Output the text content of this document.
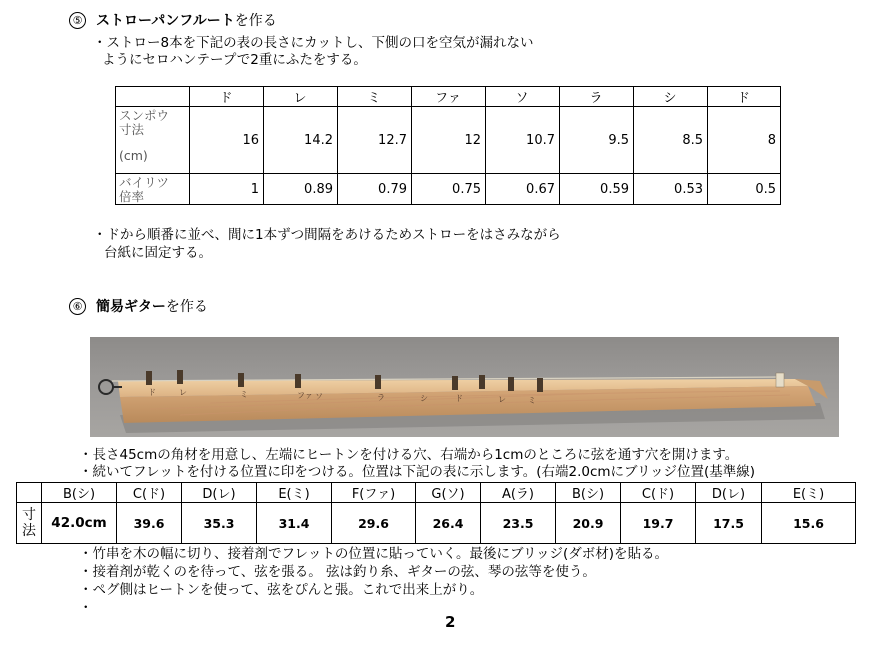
⑤ ストローパンフルートを作る
・ストロー8本を下記の表の長さにカットし、下側の口を空気が漏れない
ようにセロハンテープで2重にふたをする。
	ド	レ	ミ	ファ	ソ	ラ	シ	ド

スンポウ
寸法
(cm)	16	14.2	12.7	12	10.7	9.5	8.5	8

バイリツ
倍率	1	0.89	0.79	0.75	0.67	0.59	0.53	0.5
・ドから順番に並べ、間に1本ずつ間隔をあけるためストローをはさみながら
台紙に固定する。
⑥ 簡易ギターを作る
ド	レ	ミ	ファ ソ	ラ	シ	ド	レ	ミ
・長さ45cmの角材を用意し、左端にヒートンを付ける穴、右端から1cmのところに弦を通す穴を開けます。
・続いてフレットを付ける位置に印をつける。位置は下記の表に示します。(右端2.0cmにブリッジ位置(基準線)
	B(シ)	C(ド)	D(レ)	E(ミ)	F(ファ)	G(ソ)	A(ラ)	B(シ)	C(ド)	D(レ)	E(ミ)

寸
法	42.0cm	39.6	35.3	31.4	29.6	26.4	23.5	20.9	19.7	17.5	15.6
・竹串を木の幅に切り、接着剤でフレットの位置に貼っていく。最後にブリッジ(ダボ材)を貼る。
・接着剤が乾くのを待って、弦を張る。 弦は釣り糸、ギターの弦、琴の弦等を使う。
・ペグ側はヒートンを使って、弦をぴんと張。これで出来上がり。
・
2
